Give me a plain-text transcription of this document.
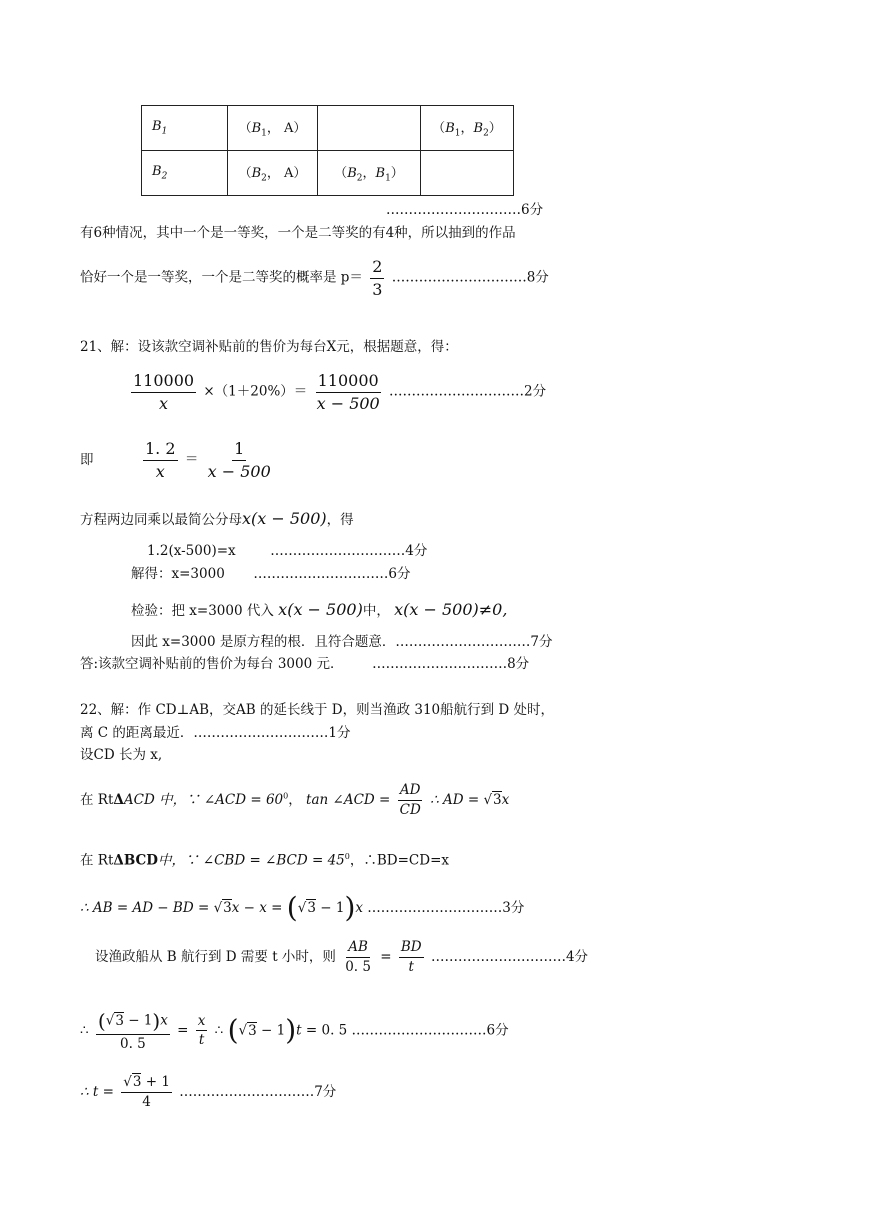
$B_1$	（$B_1$， A）		（$B_1$，$B_2$）
$B_2$	（$B_2$， A）	（$B_2$，$B_1$）	
…………………………6分
有6种情况，其中一个是一等奖，一个是二等奖的有4种，所以抽到的作品
恰好一个是一等奖，一个是二等奖的概率是 $p= \frac{2}{3}$ …………………………8分
21、解：设该款空调补贴前的售价为每台X元，根据题意，得：
$\frac{110000}{x} \times(1+20\%)= \frac{110000}{x - 500}$ …………………………2分
即	$\frac{1. 2}{x} = \frac{1}{x - 500}$
方程两边同乘以最简公分母x(x − 500)，得
1.2(x-500)=x	…………………………4分
解得：x=3000 …………………………6分
检验：把 x=3000 代入 x(x − 500)中， x(x − 500)≠0,
因此 x=3000 是原方程的根．且符合题意．…………………………7分
答:该款空调补贴前的售价为每台 3000 元． …………………………8分
22、解：作 CD⊥AB，交AB 的延长线于 D，则当渔政 310船航行到 D 处时，
离 C 的距离最近．…………………………1分
设CD 长为 x,
在 RtΔACD 中，∵ ∠ACD = $60^0$， tan ∠ACD = $\frac{AD}{CD}$ ∴ AD = √3x
在 RtΔBCD中，∵ ∠CBD = ∠BCD = $45^0$，∴BD=CD=x
∴ AB = AD − BD = √3x − x = (√3 − 1)x …………………………3分
设渔政船从 B 航行到 D 需要 t 小时，则 $\frac{AB}{0. 5} = \frac{BD}{t}$ …………………………4分
∴ $\frac{(√3 - 1)x}{0. 5} = \frac{x}{t}$ ∴ (√3 − 1)t = 0. 5 …………………………6分
∴ $t = \frac{√3 + 1}{4}$ …………………………7分
